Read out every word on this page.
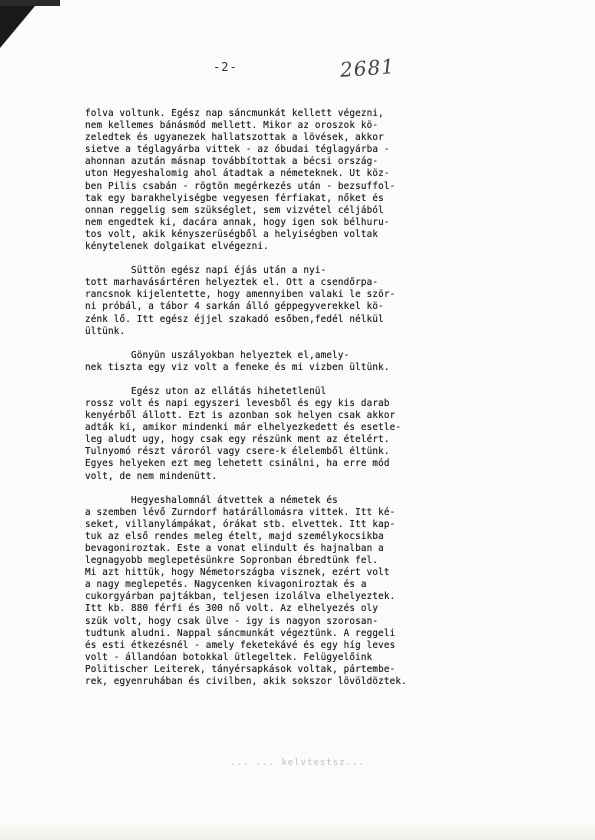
-2-	2681
folva voltunk. Egész nap sáncmunkát kellett végezni,
nem kellemes bánásmód mellett. Mikor az oroszok kö-
zeledtek és ugyanezek hallatszottak a lövések, akkor
sietve a téglagyárba vittek - az óbudai téglagyárba -
ahonnan azután másnap továbbítottak a bécsi ország-
uton Hegyeshalomig ahol átadtak a németeknek. Ut köz-
ben Pilis csabán - rögtön megérkezés után - bezsuffol-
tak egy barakhelyiségbe vegyesen férfiakat, nőket és
onnan reggelig sem szükséglet, sem vizvétel céljából
nem engedtek ki, dacára annak, hogy igen sok bélhuru-
tos volt, akik kényszerüségből a helyiségben voltak
kénytelenek dolgaikat elvégezni.
Süttön egész napi éjás után a nyi-
tott marhavásártéren helyeztek el. Ott a csendőrpa-
rancsnok kijelentette, hogy amennyiben valaki le ször-
ni próbál, a tábor 4 sarkán álló géppegyverekkel kö-
zénk lő. Itt egész éjjel szakadó esőben,fedél nélkül
ültünk.
Gönyün uszályokban helyeztek el,amely-
nek tiszta egy viz volt a feneke és mi vizben ültünk.
Egész uton az ellátás hihetetlenül
rossz volt és napi egyszeri levesből és egy kis darab
kenyérből állott. Ezt is azonban sok helyen csak akkor
adták ki, amikor mindenki már elhelyezkedett és esetle-
leg aludt ugy, hogy csak egy részünk ment az ételért.
Tulnyomó részt vároról vagy csere-k élelemből éltünk.
Egyes helyeken ezt meg lehetett csinálni, ha erre mód
volt, de nem mindenütt.
Hegyeshalomnál átvettek a németek és
a szemben lévő Zurndorf határállomásra vittek. Itt ké-
seket, villanylámpákat, órákat stb. elvettek. Itt kap-
tuk az első rendes meleg ételt, majd személykocsikba
bevagoniroztak. Este a vonat elindult és hajnalban a
legnagyobb meglepetésünkre Sopronban ébredtünk fel.
Mi azt hittük, hogy Németországba visznek, ezért volt
a nagy meglepetés. Nagycenken kivagoniroztak és a
cukorgyárban pajtákban, teljesen izolálva elhelyeztek.
Itt kb. 880 férfi és 300 nő volt. Az elhelyezés oly
szük volt, hogy csak ülve - igy is nagyon szorosan-
tudtunk aludni. Nappal sáncmunkát végeztünk. A reggeli
és esti étkezésnél - amely feketekávé és egy híg leves
volt - állandóan botokkal ütlegeltek. Felügyelőink
Politischer Leiterek, tányérsapkások voltak, pártembe-
rek, egyenruhában és civilben, akik sokszor lövöldöztek.
... ... kelvtestsz...
